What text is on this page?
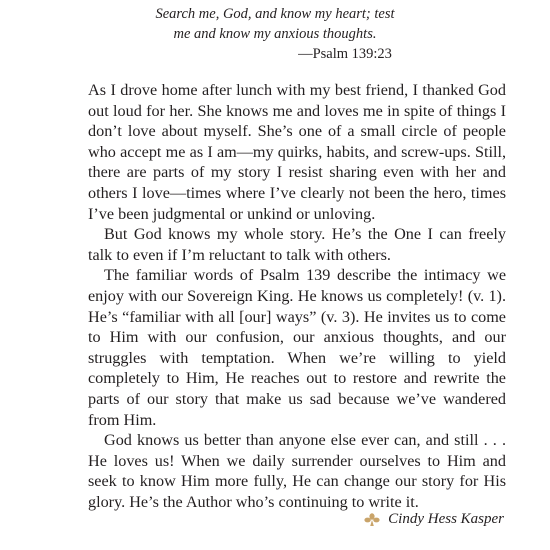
Search me, God, and know my heart; test
me and know my anxious thoughts.
—Psalm 139:23

As I drove home after lunch with my best friend, I thanked God out loud for her. She knows me and loves me in spite of things I don’t love about myself. She’s one of a small circle of people who accept me as I am—my quirks, habits, and screw-ups. Still, there are parts of my story I resist sharing even with her and others I love—times where I’ve clearly not been the hero, times I’ve been judgmental or unkind or unloving.

But God knows my whole story. He’s the One I can freely talk to even if I’m reluctant to talk with others.

The familiar words of Psalm 139 describe the intimacy we enjoy with our Sovereign King. He knows us completely! (v. 1). He’s “familiar with all [our] ways” (v. 3). He invites us to come to Him with our confusion, our anxious thoughts, and our struggles with temptation. When we’re willing to yield completely to Him, He reaches out to restore and rewrite the parts of our story that make us sad because we’ve wandered from Him.

God knows us better than anyone else ever can, and still . . . He loves us! When we daily surrender ourselves to Him and seek to know Him more fully, He can change our story for His glory. He’s the Author who’s continuing to write it.

Cindy Hess Kasper
